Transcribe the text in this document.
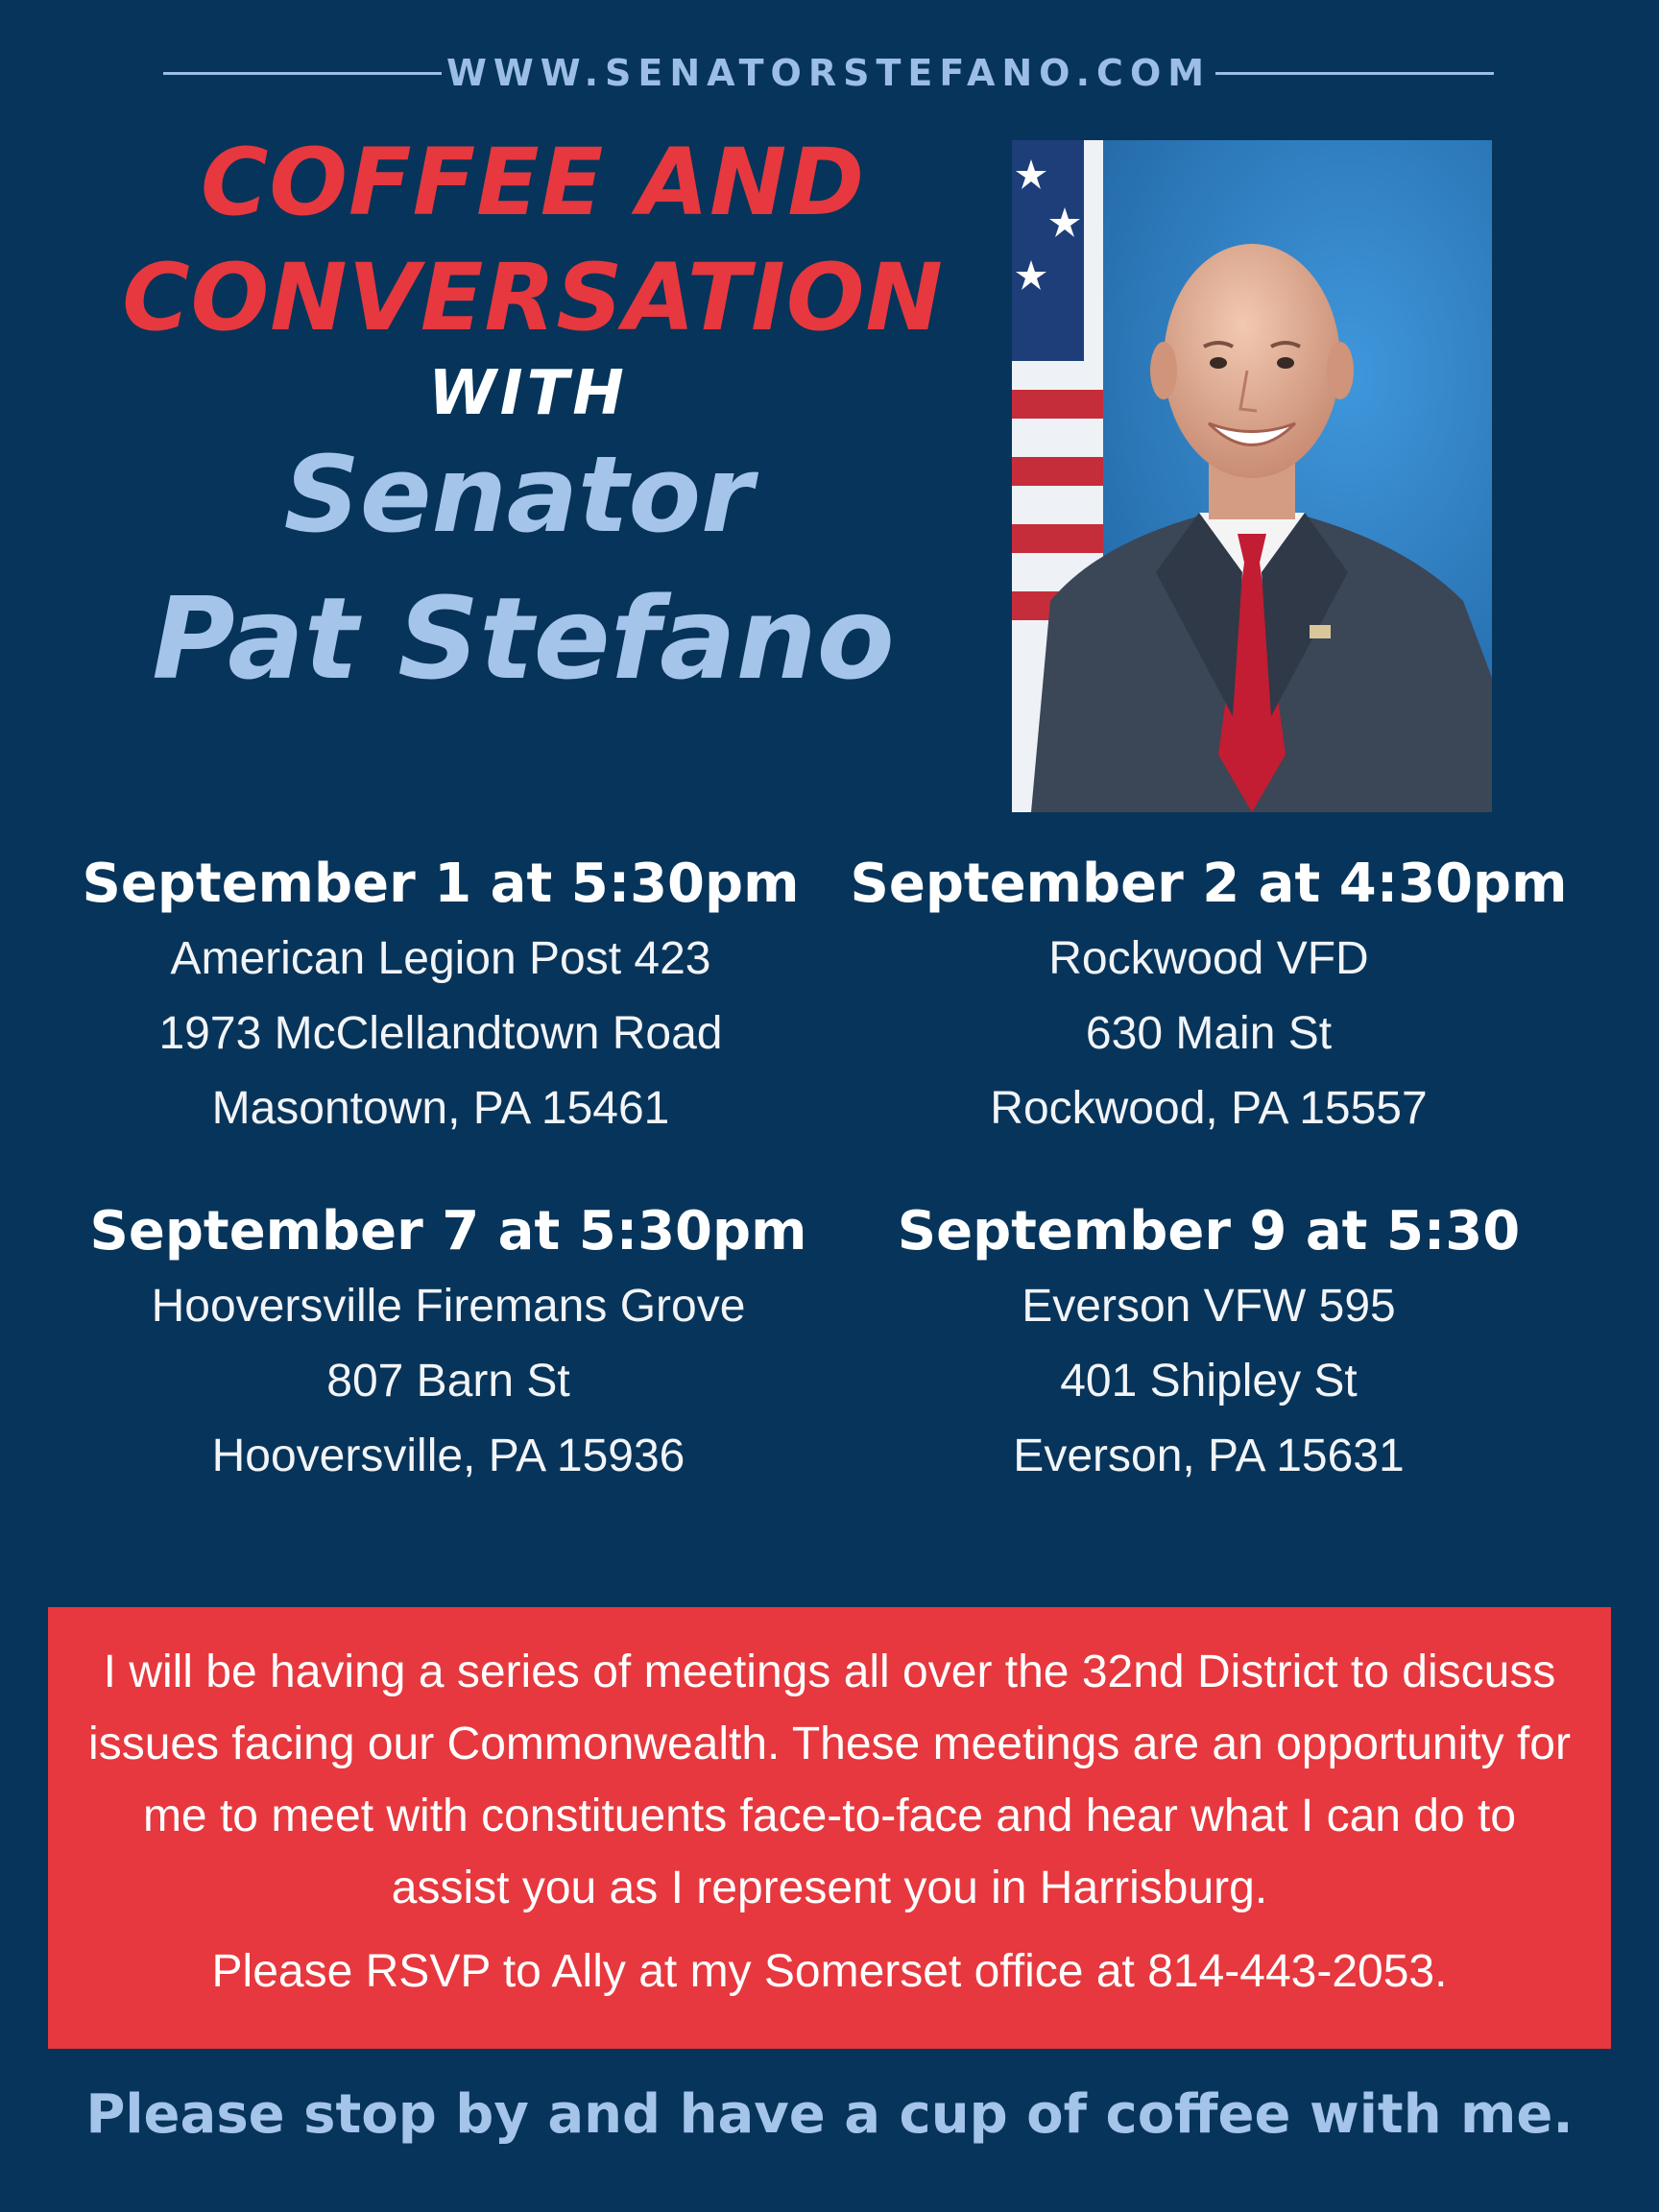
WWW.SENATORSTEFANO.COM
COFFEE AND
CONVERSATION
WITH
Senator
Pat Stefano
September 1 at 5:30pm
American Legion Post 423
1973 McClellandtown Road
Masontown, PA 15461
September 2 at 4:30pm
Rockwood VFD
630 Main St
Rockwood, PA 15557
September 7 at 5:30pm
Hooversville Firemans Grove
807 Barn St
Hooversville, PA 15936
September 9 at 5:30
Everson VFW 595
401 Shipley St
Everson, PA 15631
I will be having a series of meetings all over the 32nd District to discuss issues facing our Commonwealth. These meetings are an opportunity for me to meet with constituents face-to-face and hear what I can do to assist you as I represent you in Harrisburg.
Please RSVP to Ally at my Somerset office at 814-443-2053.
Please stop by and have a cup of coffee with me.
